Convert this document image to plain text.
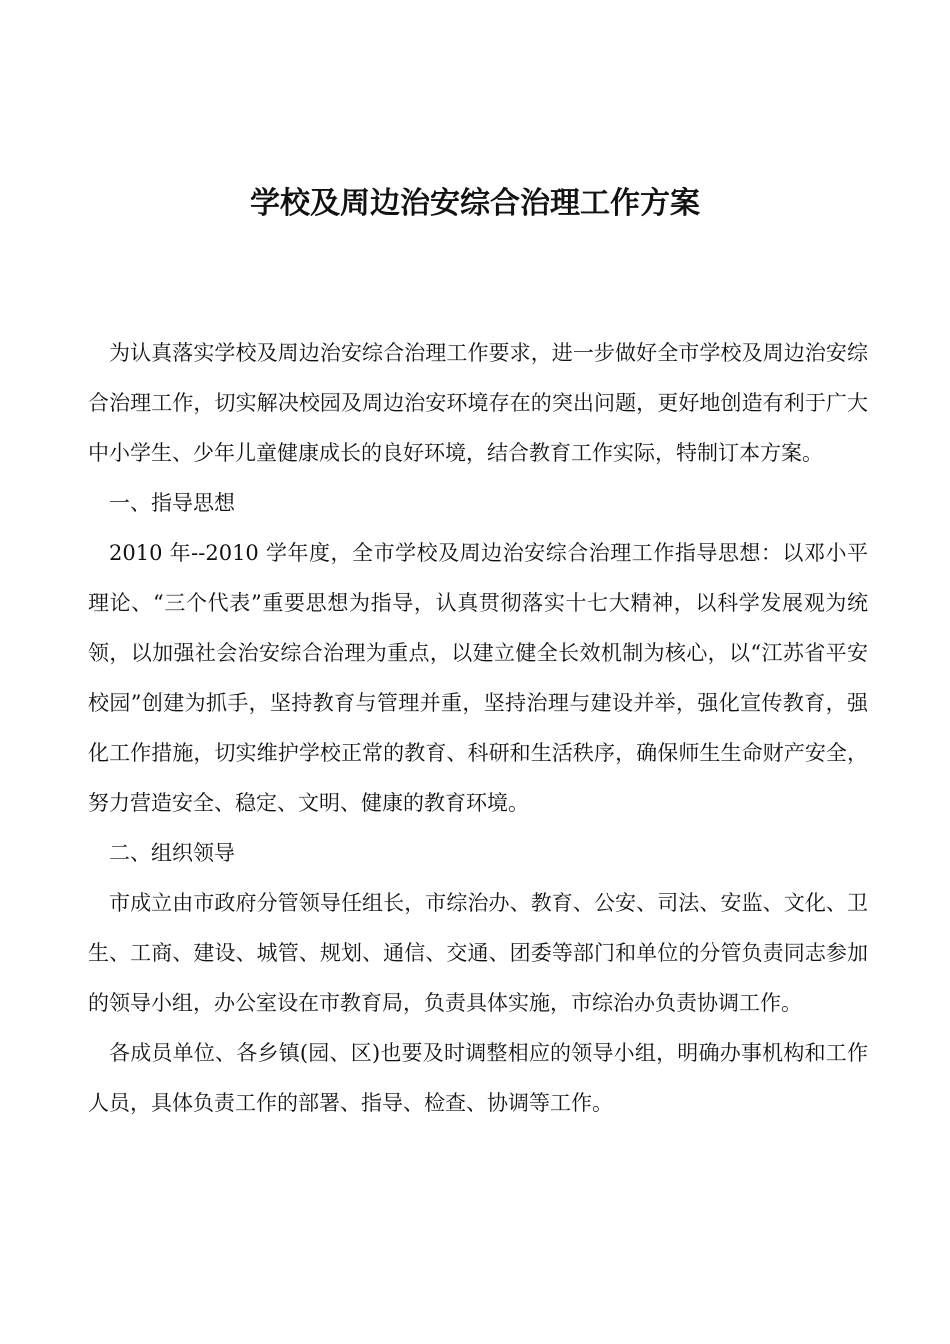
学校及周边治安综合治理工作方案

为认真落实学校及周边治安综合治理工作要求，进一步做好全市学校及周边治安综合治理工作，切实解决校园及周边治安环境存在的突出问题，更好地创造有利于广大中小学生、少年儿童健康成长的良好环境，结合教育工作实际，特制订本方案。

一、指导思想

2010 年--2010 学年度，全市学校及周边治安综合治理工作指导思想：以邓小平理论、“三个代表”重要思想为指导，认真贯彻落实十七大精神，以科学发展观为统领，以加强社会治安综合治理为重点，以建立健全长效机制为核心，以“江苏省平安校园”创建为抓手，坚持教育与管理并重，坚持治理与建设并举，强化宣传教育，强化工作措施，切实维护学校正常的教育、科研和生活秩序，确保师生生命财产安全，努力营造安全、稳定、文明、健康的教育环境。

二、组织领导

市成立由市政府分管领导任组长，市综治办、教育、公安、司法、安监、文化、卫生、工商、建设、城管、规划、通信、交通、团委等部门和单位的分管负责同志参加的领导小组，办公室设在市教育局，负责具体实施，市综治办负责协调工作。

各成员单位、各乡镇(园、区)也要及时调整相应的领导小组，明确办事机构和工作人员，具体负责工作的部署、指导、检查、协调等工作。
